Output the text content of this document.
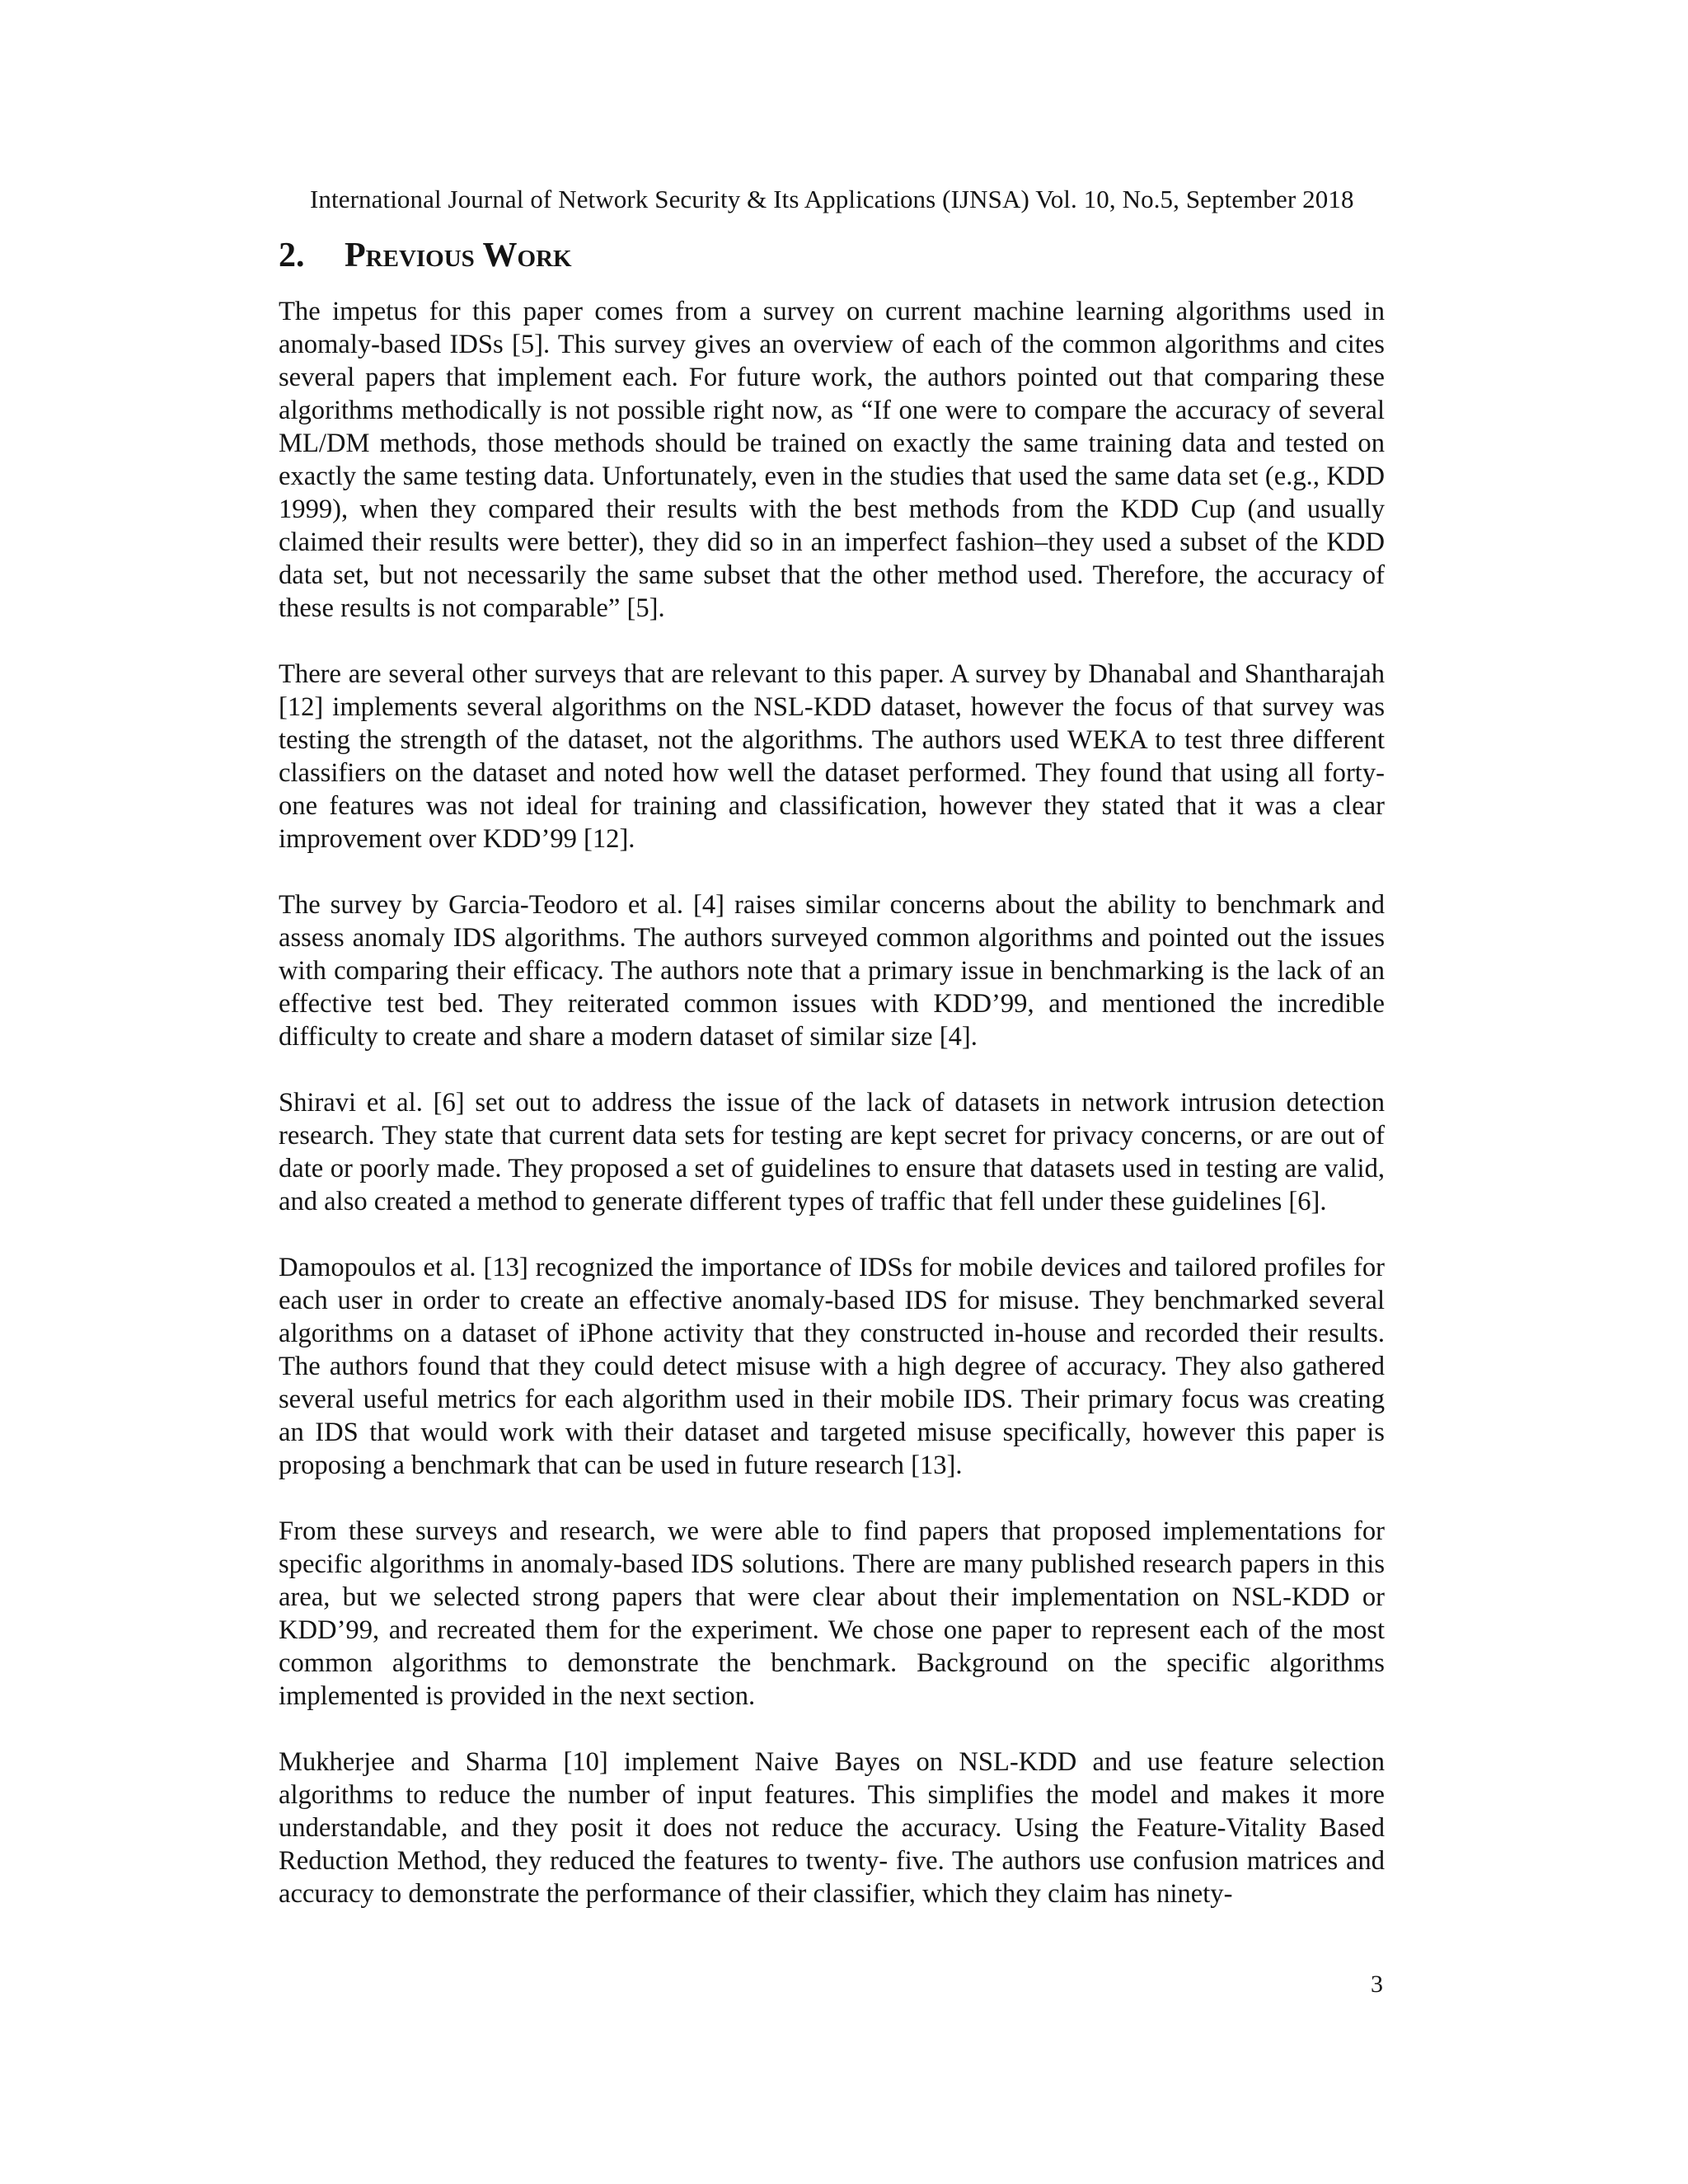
International Journal of Network Security & Its Applications (IJNSA) Vol. 10, No.5, September 2018
2. Previous Work

The impetus for this paper comes from a survey on current machine learning algorithms used in anomaly-based IDSs [5]. This survey gives an overview of each of the common algorithms and cites several papers that implement each. For future work, the authors pointed out that comparing these algorithms methodically is not possible right now, as “If one were to compare the accuracy of several ML/DM methods, those methods should be trained on exactly the same training data and tested on exactly the same testing data. Unfortunately, even in the studies that used the same data set (e.g., KDD 1999), when they compared their results with the best methods from the KDD Cup (and usually claimed their results were better), they did so in an imperfect fashion–they used a subset of the KDD data set, but not necessarily the same subset that the other method used. Therefore, the accuracy of these results is not comparable” [5].

There are several other surveys that are relevant to this paper. A survey by Dhanabal and Shantharajah [12] implements several algorithms on the NSL-KDD dataset, however the focus of that survey was testing the strength of the dataset, not the algorithms. The authors used WEKA to test three different classifiers on the dataset and noted how well the dataset performed. They found that using all forty-one features was not ideal for training and classification, however they stated that it was a clear improvement over KDD’99 [12].

The survey by Garcia-Teodoro et al. [4] raises similar concerns about the ability to benchmark and assess anomaly IDS algorithms. The authors surveyed common algorithms and pointed out the issues with comparing their efficacy. The authors note that a primary issue in benchmarking is the lack of an effective test bed. They reiterated common issues with KDD’99, and mentioned the incredible difficulty to create and share a modern dataset of similar size [4].

Shiravi et al. [6] set out to address the issue of the lack of datasets in network intrusion detection research. They state that current data sets for testing are kept secret for privacy concerns, or are out of date or poorly made. They proposed a set of guidelines to ensure that datasets used in testing are valid, and also created a method to generate different types of traffic that fell under these guidelines [6].

Damopoulos et al. [13] recognized the importance of IDSs for mobile devices and tailored profiles for each user in order to create an effective anomaly-based IDS for misuse. They benchmarked several algorithms on a dataset of iPhone activity that they constructed in-house and recorded their results. The authors found that they could detect misuse with a high degree of accuracy. They also gathered several useful metrics for each algorithm used in their mobile IDS. Their primary focus was creating an IDS that would work with their dataset and targeted misuse specifically, however this paper is proposing a benchmark that can be used in future research [13].

From these surveys and research, we were able to find papers that proposed implementations for specific algorithms in anomaly-based IDS solutions. There are many published research papers in this area, but we selected strong papers that were clear about their implementation on NSL-KDD or KDD’99, and recreated them for the experiment. We chose one paper to represent each of the most common algorithms to demonstrate the benchmark. Background on the specific algorithms implemented is provided in the next section.

Mukherjee and Sharma [10] implement Naive Bayes on NSL-KDD and use feature selection algorithms to reduce the number of input features. This simplifies the model and makes it more understandable, and they posit it does not reduce the accuracy. Using the Feature-Vitality Based Reduction Method, they reduced the features to twenty- five. The authors use confusion matrices and accuracy to demonstrate the performance of their classifier, which they claim has ninety-

3
